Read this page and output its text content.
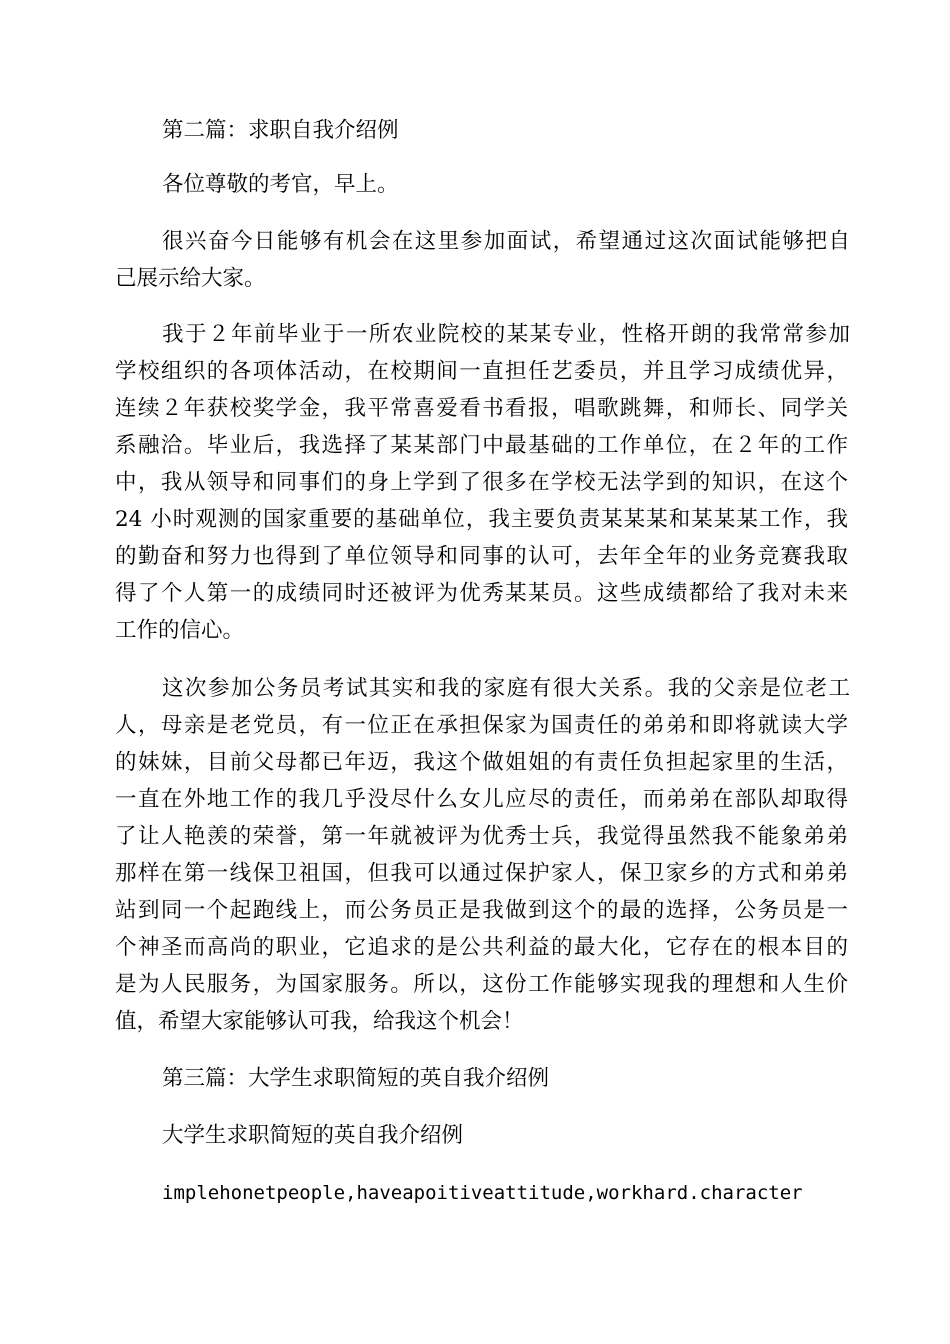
第二篇：求职自我介绍例
各位尊敬的考官，早上。
很兴奋今日能够有机会在这里参加面试，希望通过这次面试能够把自
己展示给大家。
我于２年前毕业于一所农业院校的某某专业，性格开朗的我常常参加
学校组织的各项体活动，在校期间一直担任艺委员，并且学习成绩优异，
连续２年获校奖学金，我平常喜爱看书看报，唱歌跳舞，和师长、同学关
系融洽。毕业后，我选择了某某部门中最基础的工作单位，在２年的工作
中，我从领导和同事们的身上学到了很多在学校无法学到的知识，在这个
24 小时观测的国家重要的基础单位，我主要负责某某某和某某某工作，我
的勤奋和努力也得到了单位领导和同事的认可，去年全年的业务竞赛我取
得了个人第一的成绩同时还被评为优秀某某员。这些成绩都给了我对未来
工作的信心。
这次参加公务员考试其实和我的家庭有很大关系。我的父亲是位老工
人，母亲是老党员，有一位正在承担保家为国责任的弟弟和即将就读大学
的妹妹，目前父母都已年迈，我这个做姐姐的有责任负担起家里的生活，
一直在外地工作的我几乎没尽什么女儿应尽的责任，而弟弟在部队却取得
了让人艳羡的荣誉，第一年就被评为优秀士兵，我觉得虽然我不能象弟弟
那样在第一线保卫祖国，但我可以通过保护家人，保卫家乡的方式和弟弟
站到同一个起跑线上，而公务员正是我做到这个的最的选择，公务员是一
个神圣而高尚的职业，它追求的是公共利益的最大化，它存在的根本目的
是为人民服务，为国家服务。所以，这份工作能够实现我的理想和人生价
值，希望大家能够认可我，给我这个机会！
第三篇：大学生求职简短的英自我介绍例
大学生求职简短的英自我介绍例
implehonetpeople,haveapoitiveattitude,workhard.character
